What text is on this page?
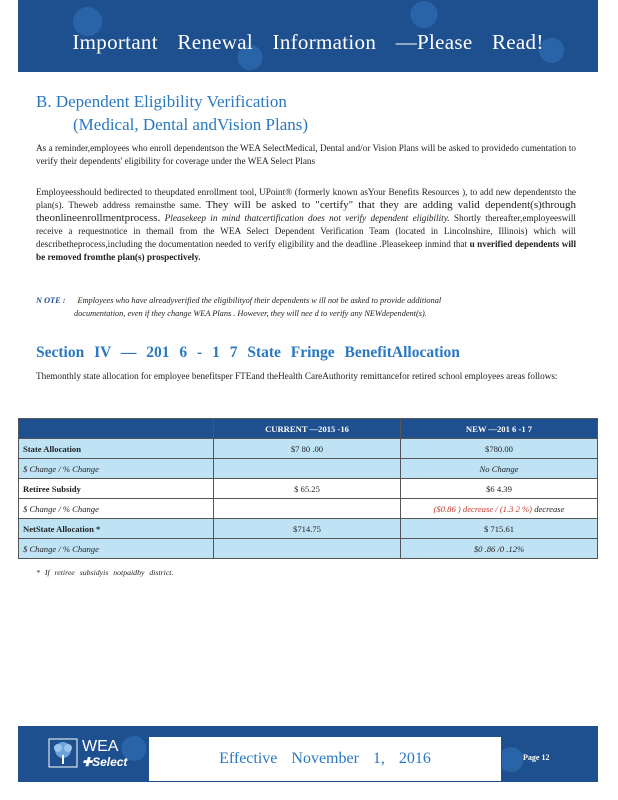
Important Renewal Information —Please Read!
B. Dependent Eligibility Verification
(Medical, Dental andVision Plans)
As a reminder,employees who enroll dependentson the WEA SelectMedical, Dental and/or Vision Plans will be asked to providedo cumentation to verify their dependents' eligibility for coverage under the WEA Select Plans
Employeesshould bedirected to theupdated enrollment tool, UPoint® (formerly known asYour Benefits Resources ), to add new dependentsto the plan(s). Theweb address remainsthe same. They will be asked to "certify" that they are adding valid dependent(s)through theonlineenrollmentprocess. Pleasekeep in mind thatcertification does not verify dependent eligibility. Shortly thereafter,employeeswill receive a requestnotice in themail from the WEA Select Dependent Verification Team (located in Lincolnshire, Illinois) which will describetheprocess,including the documentation needed to verify eligibility and the deadline .Pleasekeep inmind that u nverified dependents will be removed fromthe plan(s) prospectively.
N OTE : Employees who have alreadyverified the eligibilityof their dependents w ill not be asked to provide additional
documentation, even if they change WEA Plans . However, they will nee d to verify any NEWdependent(s).
Section IV — 201 6 - 1 7 State Fringe BenefitAllocation
Themonthly state allocation for employee benefitsper FTEand theHealth CareAuthority remittancefor retired school employees areas follows:
	CURRENT —2015 -16	NEW —201 6 -1 7
State Allocation	$7 80 .00	$780.00
$ Change / % Change		No Change
Retiree Subsidy	$ 65.25	$6 4.39
$ Change / % Change		($0.86 ) decrease / (1.3 2 %) decrease
NetState Allocation *	$714.75	$ 715.61
$ Change / % Change		$0 .86 /0 .12%
* If retiree subsidyis notpaidby district.
WEA
✚Select	Page 12
Effective November 1, 2016
